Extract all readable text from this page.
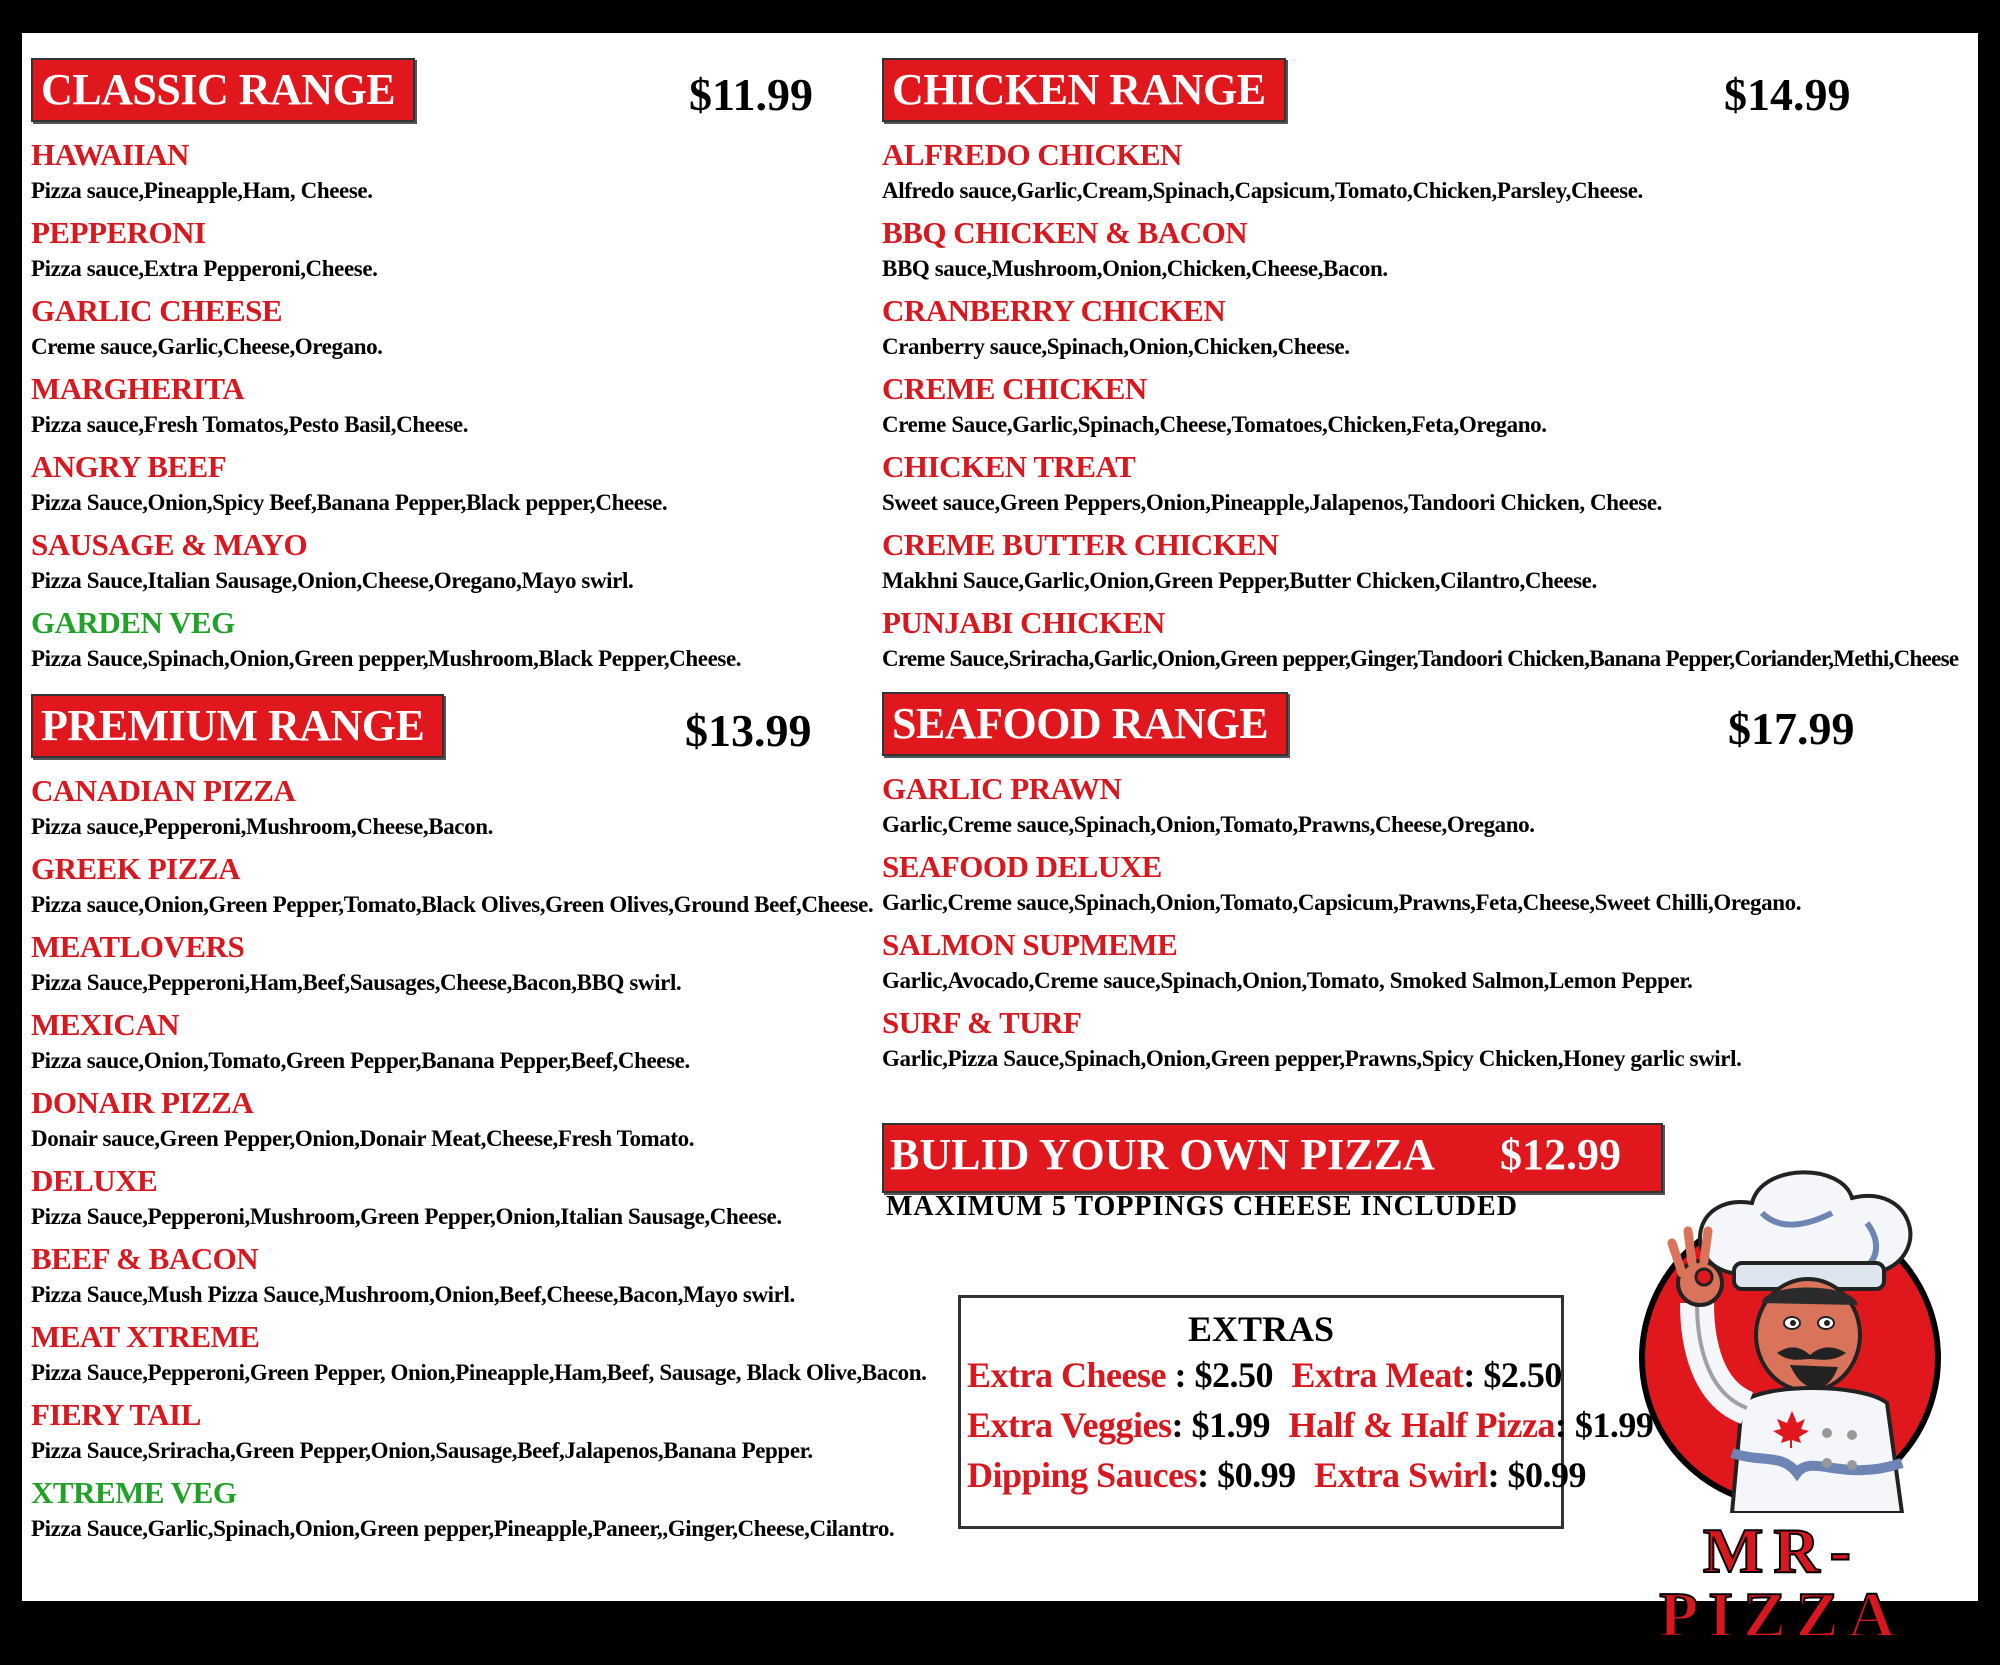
CLASSIC RANGE	$11.99
HAWAIIAN
Pizza sauce,Pineapple,Ham, Cheese.
PEPPERONI
Pizza sauce,Extra Pepperoni,Cheese.
GARLIC CHEESE
Creme sauce,Garlic,Cheese,Oregano.
MARGHERITA
Pizza sauce,Fresh Tomatos,Pesto Basil,Cheese.
ANGRY BEEF
Pizza Sauce,Onion,Spicy Beef,Banana Pepper,Black pepper,Cheese.
SAUSAGE & MAYO
Pizza Sauce,Italian Sausage,Onion,Cheese,Oregano,Mayo swirl.
GARDEN VEG
Pizza Sauce,Spinach,Onion,Green pepper,Mushroom,Black Pepper,Cheese.
PREMIUM RANGE	$13.99
CANADIAN PIZZA
Pizza sauce,Pepperoni,Mushroom,Cheese,Bacon.
GREEK PIZZA
Pizza sauce,Onion,Green Pepper,Tomato,Black Olives,Green Olives,Ground Beef,Cheese.
MEATLOVERS
Pizza Sauce,Pepperoni,Ham,Beef,Sausages,Cheese,Bacon,BBQ swirl.
MEXICAN
Pizza sauce,Onion,Tomato,Green Pepper,Banana Pepper,Beef,Cheese.
DONAIR PIZZA
Donair sauce,Green Pepper,Onion,Donair Meat,Cheese,Fresh Tomato.
DELUXE
Pizza Sauce,Pepperoni,Mushroom,Green Pepper,Onion,Italian Sausage,Cheese.
BEEF & BACON
Pizza Sauce,Mush Pizza Sauce,Mushroom,Onion,Beef,Cheese,Bacon,Mayo swirl.
MEAT XTREME
Pizza Sauce,Pepperoni,Green Pepper, Onion,Pineapple,Ham,Beef, Sausage, Black Olive,Bacon.
FIERY TAIL
Pizza Sauce,Sriracha,Green Pepper,Onion,Sausage,Beef,Jalapenos,Banana Pepper.
XTREME VEG
Pizza Sauce,Garlic,Spinach,Onion,Green pepper,Pineapple,Paneer,,Ginger,Cheese,Cilantro.
CHICKEN RANGE	$14.99
ALFREDO CHICKEN
Alfredo sauce,Garlic,Cream,Spinach,Capsicum,Tomato,Chicken,Parsley,Cheese.
BBQ CHICKEN & BACON
BBQ sauce,Mushroom,Onion,Chicken,Cheese,Bacon.
CRANBERRY CHICKEN
Cranberry sauce,Spinach,Onion,Chicken,Cheese.
CREME CHICKEN
Creme Sauce,Garlic,Spinach,Cheese,Tomatoes,Chicken,Feta,Oregano.
CHICKEN TREAT
Sweet sauce,Green Peppers,Onion,Pineapple,Jalapenos,Tandoori Chicken, Cheese.
CREME BUTTER CHICKEN
Makhni Sauce,Garlic,Onion,Green Pepper,Butter Chicken,Cilantro,Cheese.
PUNJABI CHICKEN
Creme Sauce,Sriracha,Garlic,Onion,Green pepper,Ginger,Tandoori Chicken,Banana Pepper,Coriander,Methi,Cheese
SEAFOOD RANGE	$17.99
GARLIC PRAWN
Garlic,Creme sauce,Spinach,Onion,Tomato,Prawns,Cheese,Oregano.
SEAFOOD DELUXE
Garlic,Creme sauce,Spinach,Onion,Tomato,Capsicum,Prawns,Feta,Cheese,Sweet Chilli,Oregano.
SALMON SUPMEME
Garlic,Avocado,Creme sauce,Spinach,Onion,Tomato, Smoked Salmon,Lemon Pepper.
SURF & TURF
Garlic,Pizza Sauce,Spinach,Onion,Green pepper,Prawns,Spicy Chicken,Honey garlic swirl.
BULID YOUR OWN PIZZA $12.99
MAXIMUM 5 TOPPINGS CHEESE INCLUDED
EXTRAS
Extra Cheese : $2.50 Extra Meat: $2.50
Extra Veggies: $1.99 Half & Half Pizza: $1.99
Dipping Sauces: $0.99 Extra Swirl: $0.99
MR-PIZZA
LOCALLY OWNED AND OPERATED
